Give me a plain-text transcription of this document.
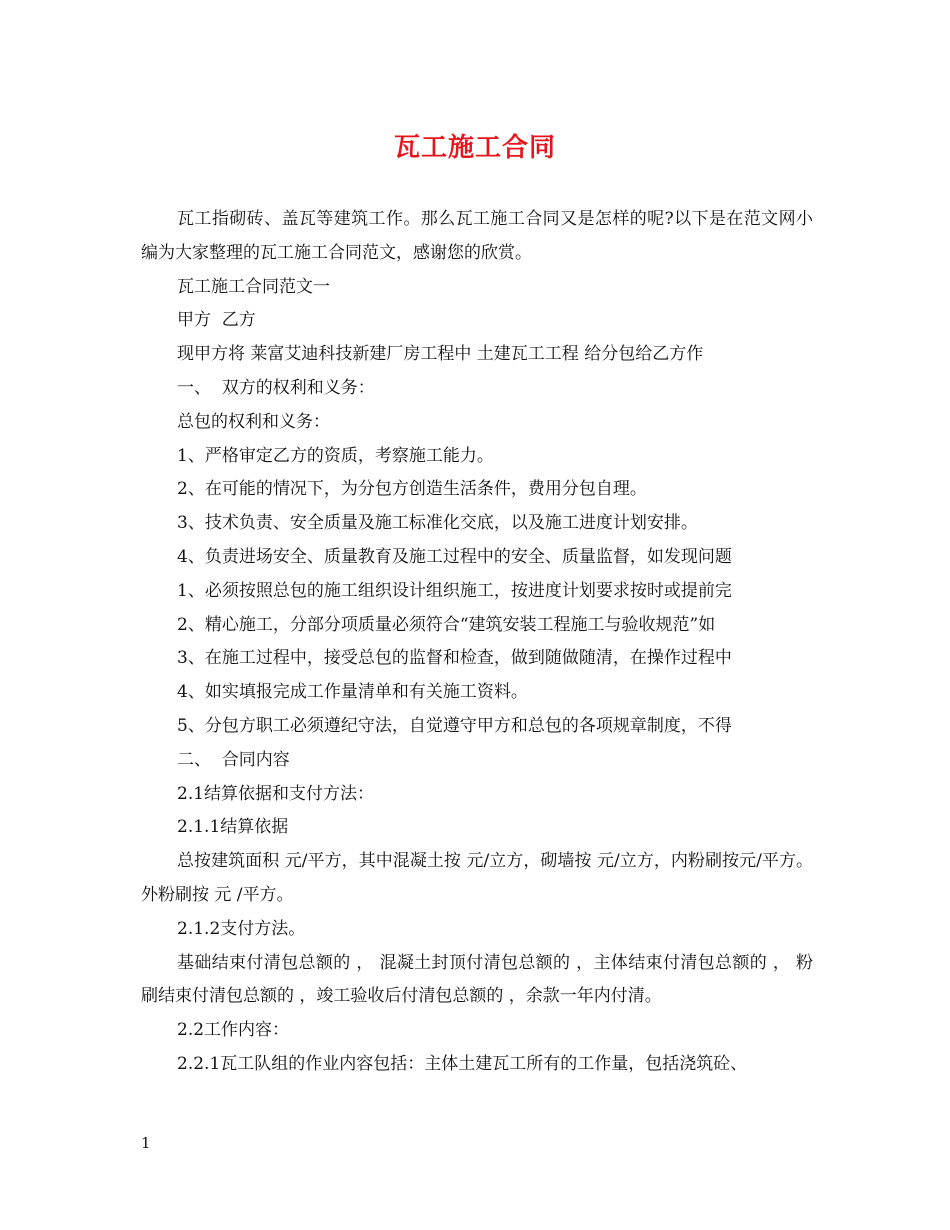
瓦工施工合同

瓦工指砌砖、盖瓦等建筑工作。那么瓦工施工合同又是怎样的呢?以下是在范文网小编为大家整理的瓦工施工合同范文，感谢您的欣赏。

瓦工施工合同范文一

甲方  乙方

现甲方将 莱富艾迪科技新建厂房工程中 土建瓦工工程 给分包给乙方作

一、  双方的权利和义务：

总包的权利和义务：

1、严格审定乙方的资质，考察施工能力。

2、在可能的情况下，为分包方创造生活条件，费用分包自理。

3、技术负责、安全质量及施工标准化交底，以及施工进度计划安排。

4、负责进场安全、质量教育及施工过程中的安全、质量监督，如发现问题

1、必须按照总包的施工组织设计组织施工，按进度计划要求按时或提前完

2、精心施工，分部分项质量必须符合“建筑安装工程施工与验收规范”如

3、在施工过程中，接受总包的监督和检查，做到随做随清，在操作过程中

4、如实填报完成工作量清单和有关施工资料。

5、分包方职工必须遵纪守法，自觉遵守甲方和总包的各项规章制度，不得

二、  合同内容

2.1结算依据和支付方法：

2.1.1结算依据

总按建筑面积 元/平方，其中混凝土按 元/立方，砌墙按 元/立方，内粉刷按元/平方。外粉刷按 元 /平方。

2.1.2支付方法。

基础结束付清包总额的 ， 混凝土封顶付清包总额的 ，主体结束付清包总额的 ， 粉刷结束付清包总额的 ，竣工验收后付清包总额的 ，余款一年内付清。

2.2工作内容：

2.2.1瓦工队组的作业内容包括：主体土建瓦工所有的工作量，包括浇筑砼、

1
